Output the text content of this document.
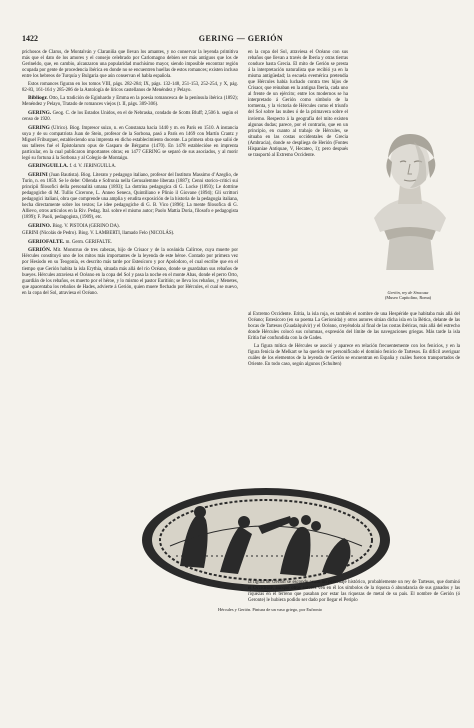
1422	GERING — GERIÓN

prichosos de Clarus, de Montalván y Claraniña que llevan los amantes, y no conservar la leyenda primitiva más que el dato de los amores y el consejo celebrado por Carlomagno debien ser más antiguos que los de Gerineldo, que, en cambio, alcanzaron una popularidad muchísimo mayor, siendo imposible encontrar región ocupada por gente de procedencia ibérica en donde no se encuentren huellas de estos romances; existen incluso entre los hebreos de Turquía y Bulgaria que aún conservan el habla española.

Estos romances figuran en los tomos VIII, págs. 282-284; IX, págs. 132-148, 251-153, 252-254, y X, pág. 82-83, 161-164 y 285-286 de la Antología de líricos castellanos de Menéndez y Pelayo.

Bibliogr. Otto, La tradición de Eginhardo y Emma en la poesía romancesca de la península ibérica (1892); Menéndez y Pelayo, Tratado de romances viejos (t. II, págs. 309-306).

GERING. Geog. C. de los Estados Unidos, en el de Nebraska, condado de Scotts Bluff; 2,506 h. según el censo de 1920.

GERING (Ulrico). Biog. Impresor suizo, n. en Constanza hacia 1440 y m. en París en 1510. A instancia suya y de su compatriota Juan de Stein, profesor de la Sorbona, pasó a París en 1469 con Martín Crantz y Miguel Friburguer, estableciendo una imprenta en dicho establecimiento docente. La primera obra que salió de sus talleres fué el Epistolarum opus de Gasparo de Bérgamo (1470). En 1478 establecióse en imprenta particular, en la cual publicaron importantes obras; en 1477 GERING se separó de sus asociados, y al morir legó su fortuna á la Sorbona y al Colegio de Montaigu.

GERINGUILLA. f. d. V. JERINGUILLA.

GERINI (Juan Bautista). Biog. Literato y pedagogo italiano, profesor del Instituto Massimo d’Azeglio, de Turín, n. en 1859. Se le debe: Ollenda e Sofronia nella Gerusalemme liberata (1887); Cenni storico-critici sui principii filosofici della personalità umana (1893); La dottrina pedagogica di G. Locke (1893); Le dottrine pedagogiche di M. Tullio Cicerone, L. Anneo Seneca, Quintiliano e Plinio il Giovane (1894); Gli scrittori pedagogici italiani, obra que comprende una amplia y erudita exposición de la historia de la pedagogía italiana, hecha directamente sobre los textos; Le idee pedagogiche di G. B. Vico (1896); La mente filosofica di G. Allievo, otros artículos en la Riv. Pedag. Ital. sobre el mismo autor; Paolo Mattia Doria, filosofo e pedagogista (1899); F. Paoli, pedagogista, (1909), etc.

GERINO. Biog. V. PISTOIA (GERINO DA).

GERINI (Nicolás de Pedro). Biog. V. LAMBERTI, llamado Felo (NICOLÁS).

GERIOFALTE. m. Germ. GERIFALTE.

GERIÓN. Mit. Monstruo de tres cabezas, hijo de Crisaor y de la oceánida Calírroe, cuya muerte por Hércules constituyó uno de los mitos más importantes de la leyenda de este héroe. Contado por primera vez por Hesíodo en su Teogonía, es descrito más tarde por Estesícoro y por Apolodoro, el cual escribe que en el tiempo que Gerión habita la isla Erythia, situada más allá del río Océano, donde se guardaban sus rebaños de bueyes. Hércules atraviesa el Océano en la copa del Sol y pasa la noche en el monte Abas, donde el perro Orto, guardián de los rebaños, es muerto por el héroe, y lo mismo el pastor Euritión; se lleva los rebaños, y Menetes, que apacentaba los rebaños de Hades, advierte á Gerión, quien muere flechado por Hércules, el cual se nuevo, en la copa del Sol, atraviesa el Océano.

en la copa del Sol, atraviesa el Océano con sus rebaños que llevan a través de Iberia y otras tierras conduce hasta Grecia. El mito de Gerión se presta á la interpretación naturalista que recibió ya en la misma antigüedad; la escuela evemérica pretendía que Hércules había luchado contra tres hijos de Crisaor, que reinaban en la antigua Iberia, cada uno al frente de un ejército; entre los modernos se ha interpretado á Gerión como símbolo de la tormenta, y la victoria de Hércules como el triunfo del Sol sobre las nubes ó de la primavera sobre el invierno. Respecto á la geografía del mito existen algunas dudas; parece, por el contrario, que en un principio, en cuanto al trabajo de Hércules, se situaba en las costas occidentales de Grecia (Ambracia), donde se despliega de Herión (Fontes Hispaniae Antiquae, V, Hecateo, 1); pero después se trasportó al Extremo Occidente.

Gerión, rey de Siracusa
(Museo Capitolino, Roma)

al Extremo Occidente. Eritia, la isla roja, es también el nombre de una Hespéride que habitaba más allá del Océano; Estesícoro (en su poema La Gerionida) y otros autores sitúan dicha isla en la Bética, delante de las bocas de Tartesos (Guadalquivir) y el Océano, creyéndola al final de las costas ibéricas, más allá del estrecho donde Hércules colocó sus columnas, expresión del límite de las navegaciones griegas. Más tarde la isla Eritia fué confundida con la de Gades.

La figura mítica de Hércules se asoció y aparece en relación frecuentemente con los fenicios, y en la figura fenicia de Melkart se ha querido ver personificado el dominio fenicio de Tartesos. Es difícil averiguar cuáles de los elementos de la leyenda de Gerión se encuentran en España y cuáles fueron transportados de Oriente. En todo caso, según algunos (Schulten)

Hércules y Gerión. Pintura de un vaso griego, por Eufronio

la figura de Gerión se esconde acaso un personaje histórico, probablemente un rey de Tartesos, que dominó el Occidente, aunque otros autores ven en él los símbolos de la riqueza ó abundancia de sus ganados y las riquezas en el terreno que pasaban por estar las riquezas de metal de su país. El nombre de Gerión (ó Geronte) le hubiera podido ser dado por llegar el Periplo
